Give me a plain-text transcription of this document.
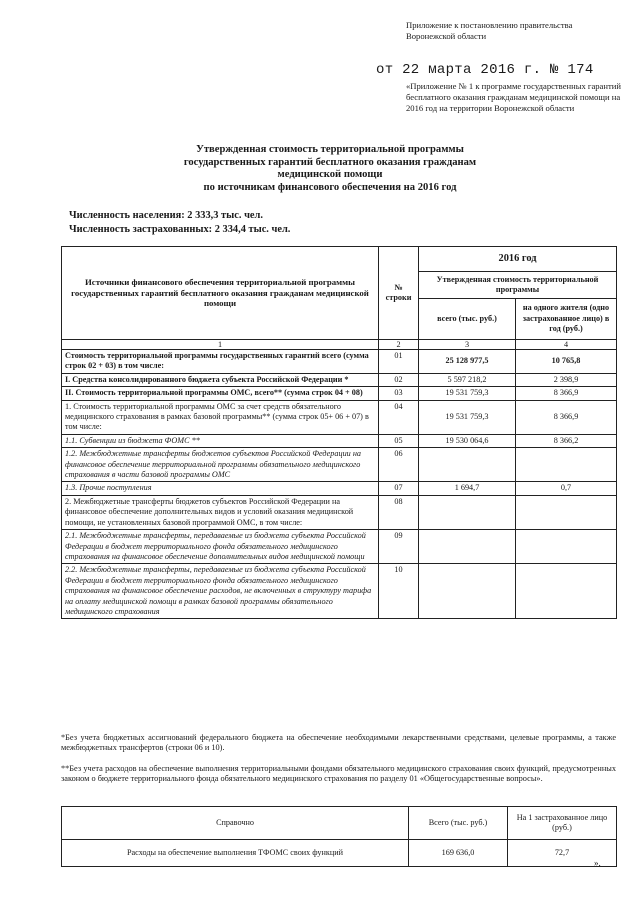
Приложение к постановлению правительства Воронежской области
от 22 марта 2016 г. № 174
«Приложение № 1 к программе государственных гарантий бесплатного оказания гражданам медицинской помощи на 2016 год на территории Воронежской области
Утвержденная стоимость территориальной программы
государственных гарантий бесплатного оказания гражданам
медицинской помощи
по источникам финансового обеспечения на 2016 год
Численность населения: 2 333,3 тыс. чел.
Численность застрахованных: 2 334,4 тыс. чел.
Источники финансового обеспечения территориальной программы государственных гарантий бесплатного оказания гражданам медицинской помощи	№ строки	2016 год	
		Утвержденная стоимость территориальной программы	
		всего (тыс. руб.)	на одного жителя (одно застрахованное лицо) в год (руб.)
1	2	3	4
Стоимость территориальной программы государственных гарантий всего (сумма строк 02 + 03) в том числе:	01	25 128 977,5	10 765,8
I. Средства консолидированного бюджета субъекта Российской Федерации *	02	5 597 218,2	2 398,9
II. Стоимость территориальной программы ОМС, всего** (сумма строк 04 + 08)	03	19 531 759,3	8 366,9
1. Стоимость территориальной программы ОМС за счет средств обязательного медицинского страхования в рамках базовой программы** (сумма строк 05+ 06 + 07) в том числе:	04	19 531 759,3	8 366,9
1.1. Субвенции из бюджета ФОМС **	05	19 530 064,6	8 366,2
1.2. Межбюджетные трансферты бюджетов субъектов Российской Федерации на финансовое обеспечение территориальной программы обязательного медицинского страхования в части базовой программы ОМС	06		
1.3. Прочие поступления	07	1 694,7	0,7
2. Межбюджетные трансферты бюджетов субъектов Российской Федерации на финансовое обеспечение дополнительных видов и условий оказания медицинской помощи, не установленных базовой программой ОМС, в том числе:	08		
2.1. Межбюджетные трансферты, передаваемые из бюджета субъекта Российской Федерации в бюджет территориального фонда обязательного медицинского страхования на финансовое обеспечение дополнительных видов медицинской помощи	09		
2.2. Межбюджетные трансферты, передаваемые из бюджета субъекта Российской Федерации в бюджет территориального фонда обязательного медицинского страхования на финансовое обеспечение расходов, не включенных в структуру тарифа на оплату медицинской помощи в рамках базовой программы обязательного медицинского страхования	10		
*Без учета бюджетных ассигнований федерального бюджета на обеспечение необходимыми лекарственными средствами, целевые программы, а также межбюджетных трансфертов (строки 06 и 10).
**Без учета расходов на обеспечение выполнения территориальными фондами обязательного медицинского страхования своих функций, предусмотренных законом о бюджете территориального фонда обязательного медицинского страхования по разделу 01 «Общегосударственные вопросы».
Справочно	Всего (тыс. руб.)	На 1 застрахованное лицо (руб.)
Расходы на обеспечение выполнения ТФОМС своих функций	169 636,0	72,7
».
